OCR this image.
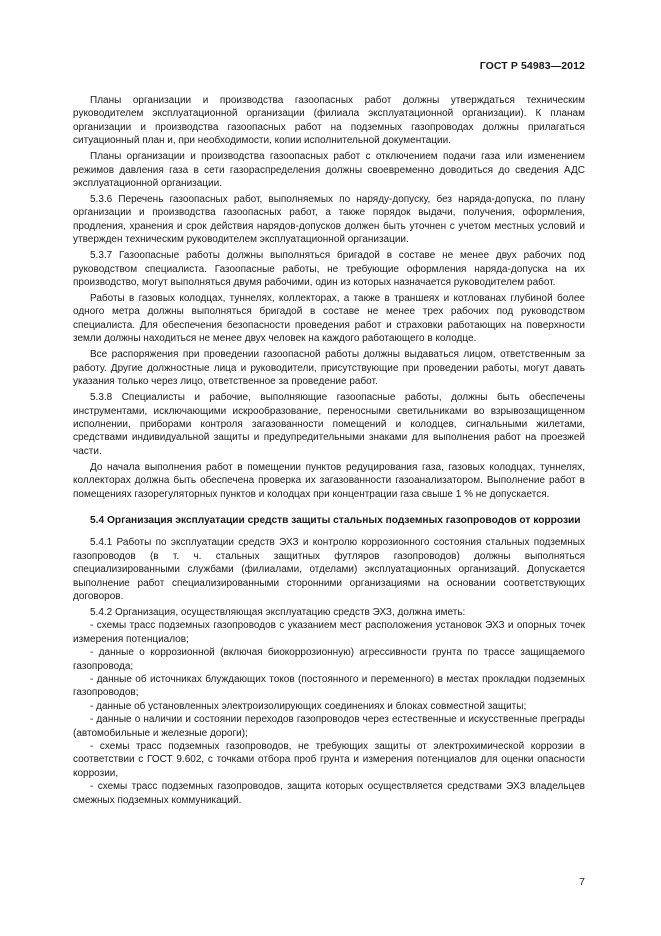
ГОСТ Р 54983—2012

Планы организации и производства газоопасных работ должны утверждаться техническим руководителем эксплуатационной организации (филиала эксплуатационной организации). К планам организации и производства газоопасных работ на подземных газопроводах должны прилагаться ситуационный план и, при необходимости, копии исполнительной документации.

Планы организации и производства газоопасных работ с отключением подачи газа или изменением режимов давления газа в сети газораспределения должны своевременно доводиться до сведения АДС эксплуатационной организации.

5.3.6 Перечень газоопасных работ, выполняемых по наряду-допуску, без наряда-допуска, по плану организации и производства газоопасных работ, а также порядок выдачи, получения, оформления, продления, хранения и срок действия нарядов-допусков должен быть уточнен с учетом местных условий и утвержден техническим руководителем эксплуатационной организации.

5.3.7 Газоопасные работы должны выполняться бригадой в составе не менее двух рабочих под руководством специалиста. Газоопасные работы, не требующие оформления наряда-допуска на их производство, могут выполняться двумя рабочими, один из которых назначается руководителем работ.

Работы в газовых колодцах, туннелях, коллекторах, а также в траншеях и котлованах глубиной более одного метра должны выполняться бригадой в составе не менее трех рабочих под руководством специалиста. Для обеспечения безопасности проведения работ и страховки работающих на поверхности земли должны находиться не менее двух человек на каждого работающего в колодце.

Все распоряжения при проведении газоопасной работы должны выдаваться лицом, ответственным за работу. Другие должностные лица и руководители, присутствующие при проведении работы, могут давать указания только через лицо, ответственное за проведение работ.

5.3.8 Специалисты и рабочие, выполняющие газоопасные работы, должны быть обеспечены инструментами, исключающими искрообразование, переносными светильниками во взрывозащищенном исполнении, приборами контроля загазованности помещений и колодцев, сигнальными жилетами, средствами индивидуальной защиты и предупредительными знаками для выполнения работ на проезжей части.

До начала выполнения работ в помещении пунктов редуцирования газа, газовых колодцах, туннелях, коллекторах должна быть обеспечена проверка их загазованности газоанализатором. Выполнение работ в помещениях газорегуляторных пунктов и колодцах при концентрации газа свыше 1 % не допускается.

5.4 Организация эксплуатации средств защиты стальных подземных газопроводов от коррозии

5.4.1 Работы по эксплуатации средств ЭХЗ и контролю коррозионного состояния стальных подземных газопроводов (в т. ч. стальных защитных футляров газопроводов) должны выполняться специализированными службами (филиалами, отделами) эксплуатационных организаций. Допускается выполнение работ специализированными сторонними организациями на основании соответствующих договоров.

5.4.2 Организация, осуществляющая эксплуатацию средств ЭХЗ, должна иметь:

- схемы трасс подземных газопроводов с указанием мест расположения установок ЭХЗ и опорных точек измерения потенциалов;

- данные о коррозионной (включая биокоррозионную) агрессивности грунта по трассе защищаемого газопровода;

- данные об источниках блуждающих токов (постоянного и переменного) в местах прокладки подземных газопроводов;

- данные об установленных электроизолирующих соединениях и блоках совместной защиты;

- данные о наличии и состоянии переходов газопроводов через естественные и искусственные преграды (автомобильные и железные дороги);

- схемы трасс подземных газопроводов, не требующих защиты от электрохимической коррозии в соответствии с ГОСТ 9.602, с точками отбора проб грунта и измерения потенциалов для оценки опасности коррозии,

- схемы трасс подземных газопроводов, защита которых осуществляется средствами ЭХЗ владельцев смежных подземных коммуникаций.

7
